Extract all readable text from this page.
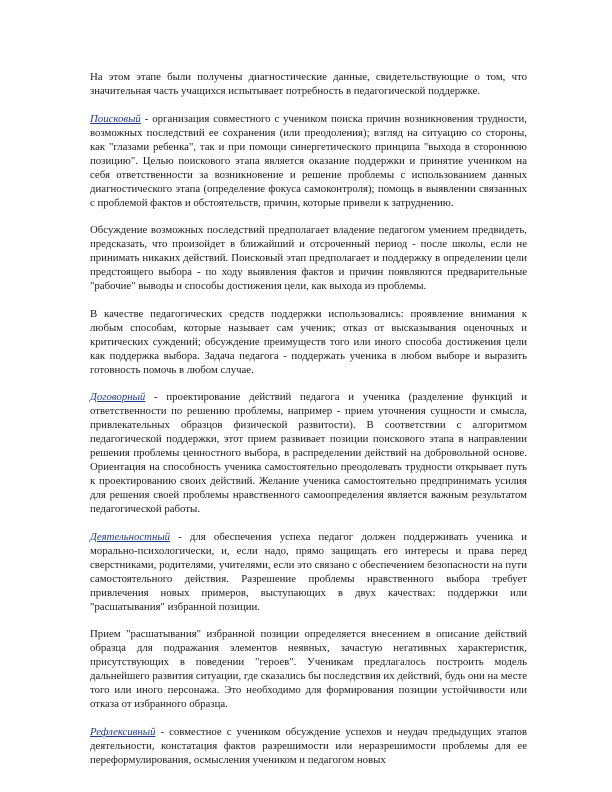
На этом этапе были получены диагностические данные, свидетельствующие о том, что значительная часть учащихся испытывает потребность в педагогической поддержке.

Поисковый - организация совместного с учеником поиска причин возникновения трудности, возможных последствий ее сохранения (или преодоления); взгляд на ситуацию со стороны, как "глазами ребенка", так и при помощи синергетического принципа "выхода в стороннюю позицию". Целью поискового этапа является оказание поддержки и принятие учеником на себя ответственности за возникновение и решение проблемы с использованием данных диагностического этапа (определение фокуса самоконтроля); помощь в выявлении связанных с проблемой фактов и обстоятельств, причин, которые привели к затруднению.

Обсуждение возможных последствий предполагает владение педагогом умением предвидеть, предсказать, что произойдет в ближайший и отсроченный период - после школы, если не принимать никаких действий. Поисковый этап предполагает и поддержку в определении цели предстоящего выбора - по ходу выявления фактов и причин появляются предварительные "рабочие" выводы и способы достижения цели, как выхода из проблемы.

В качестве педагогических средств поддержки использовались: проявление внимания к любым способам, которые называет сам ученик; отказ от высказывания оценочных и критических суждений; обсуждение преимуществ того или иного способа достижения цели как поддержка выбора. Задача педагога - поддержать ученика в любом выборе и выразить готовность помочь в любом случае.

Договорный - проектирование действий педагога и ученика (разделение функций и ответственности по решению проблемы, например - прием уточнения сущности и смысла, привлекательных образцов физической развитости). В соответствии с алгоритмом педагогической поддержки, этот прием развивает позиции поискового этапа в направлении решения проблемы ценностного выбора, в распределении действий на добровольной основе. Ориентация на способность ученика самостоятельно преодолевать трудности открывает путь к проектированию своих действий. Желание ученика самостоятельно предпринимать усилия для решения своей проблемы нравственного самоопределения является важным результатом педагогической работы.

Деятельностный - для обеспечения успеха педагог должен поддерживать ученика и морально-психологически, и, если надо, прямо защищать его интересы и права перед сверстниками, родителями, учителями, если это связано с обеспечением безопасности на пути самостоятельного действия. Разрешение проблемы нравственного выбора требует привлечения новых примеров, выступающих в двух качествах: поддержки или "расшатывания" избранной позиции.

Прием "расшатывания" избранной позиции определяется внесением в описание действий образца для подражания элементов неявных, зачастую негативных характеристик, присутствующих в поведении "героев". Ученикам предлагалось построить модель дальнейшего развития ситуации, где сказались бы последствия их действий, будь они на месте того или иного персонажа. Это необходимо для формирования позиции устойчивости или отказа от избранного образца.

Рефлексивный - совместное с учеником обсуждение успехов и неудач предыдущих этапов деятельности, констатация фактов разрешимости или неразрешимости проблемы для ее переформулирования, осмысления учеником и педагогом новых
